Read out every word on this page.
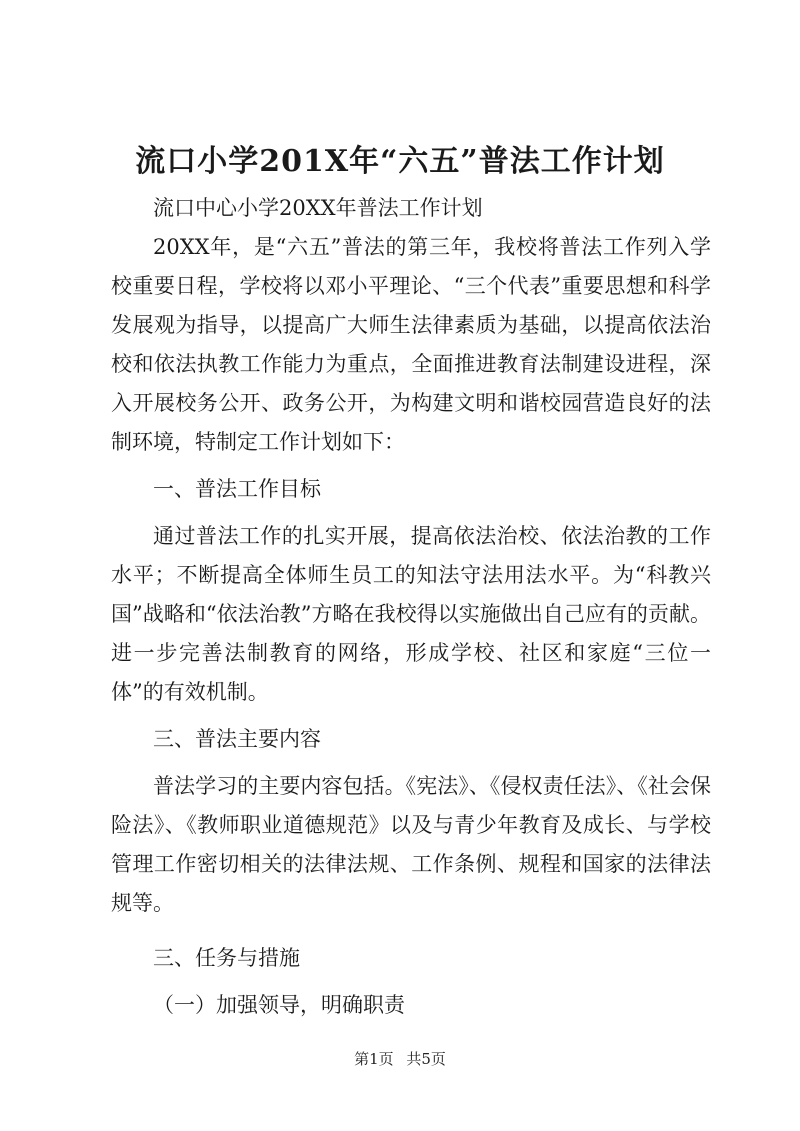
流口小学201X年“六五”普法工作计划

流口中心小学20XX年普法工作计划

20XX年，是“六五”普法的第三年，我校将普法工作列入学校重要日程，学校将以邓小平理论、“三个代表”重要思想和科学发展观为指导，以提高广大师生法律素质为基础，以提高依法治校和依法执教工作能力为重点，全面推进教育法制建设进程，深入开展校务公开、政务公开，为构建文明和谐校园营造良好的法制环境，特制定工作计划如下：

一、普法工作目标

通过普法工作的扎实开展，提高依法治校、依法治教的工作水平；不断提高全体师生员工的知法守法用法水平。为“科教兴国”战略和“依法治教”方略在我校得以实施做出自己应有的贡献。进一步完善法制教育的网络，形成学校、社区和家庭“三位一体”的有效机制。

三、普法主要内容

普法学习的主要内容包括。《宪法》、《侵权责任法》、《社会保险法》、《教师职业道德规范》以及与青少年教育及成长、与学校管理工作密切相关的法律法规、工作条例、规程和国家的法律法规等。

三、任务与措施

（一）加强领导，明确职责

第1页 共5页
